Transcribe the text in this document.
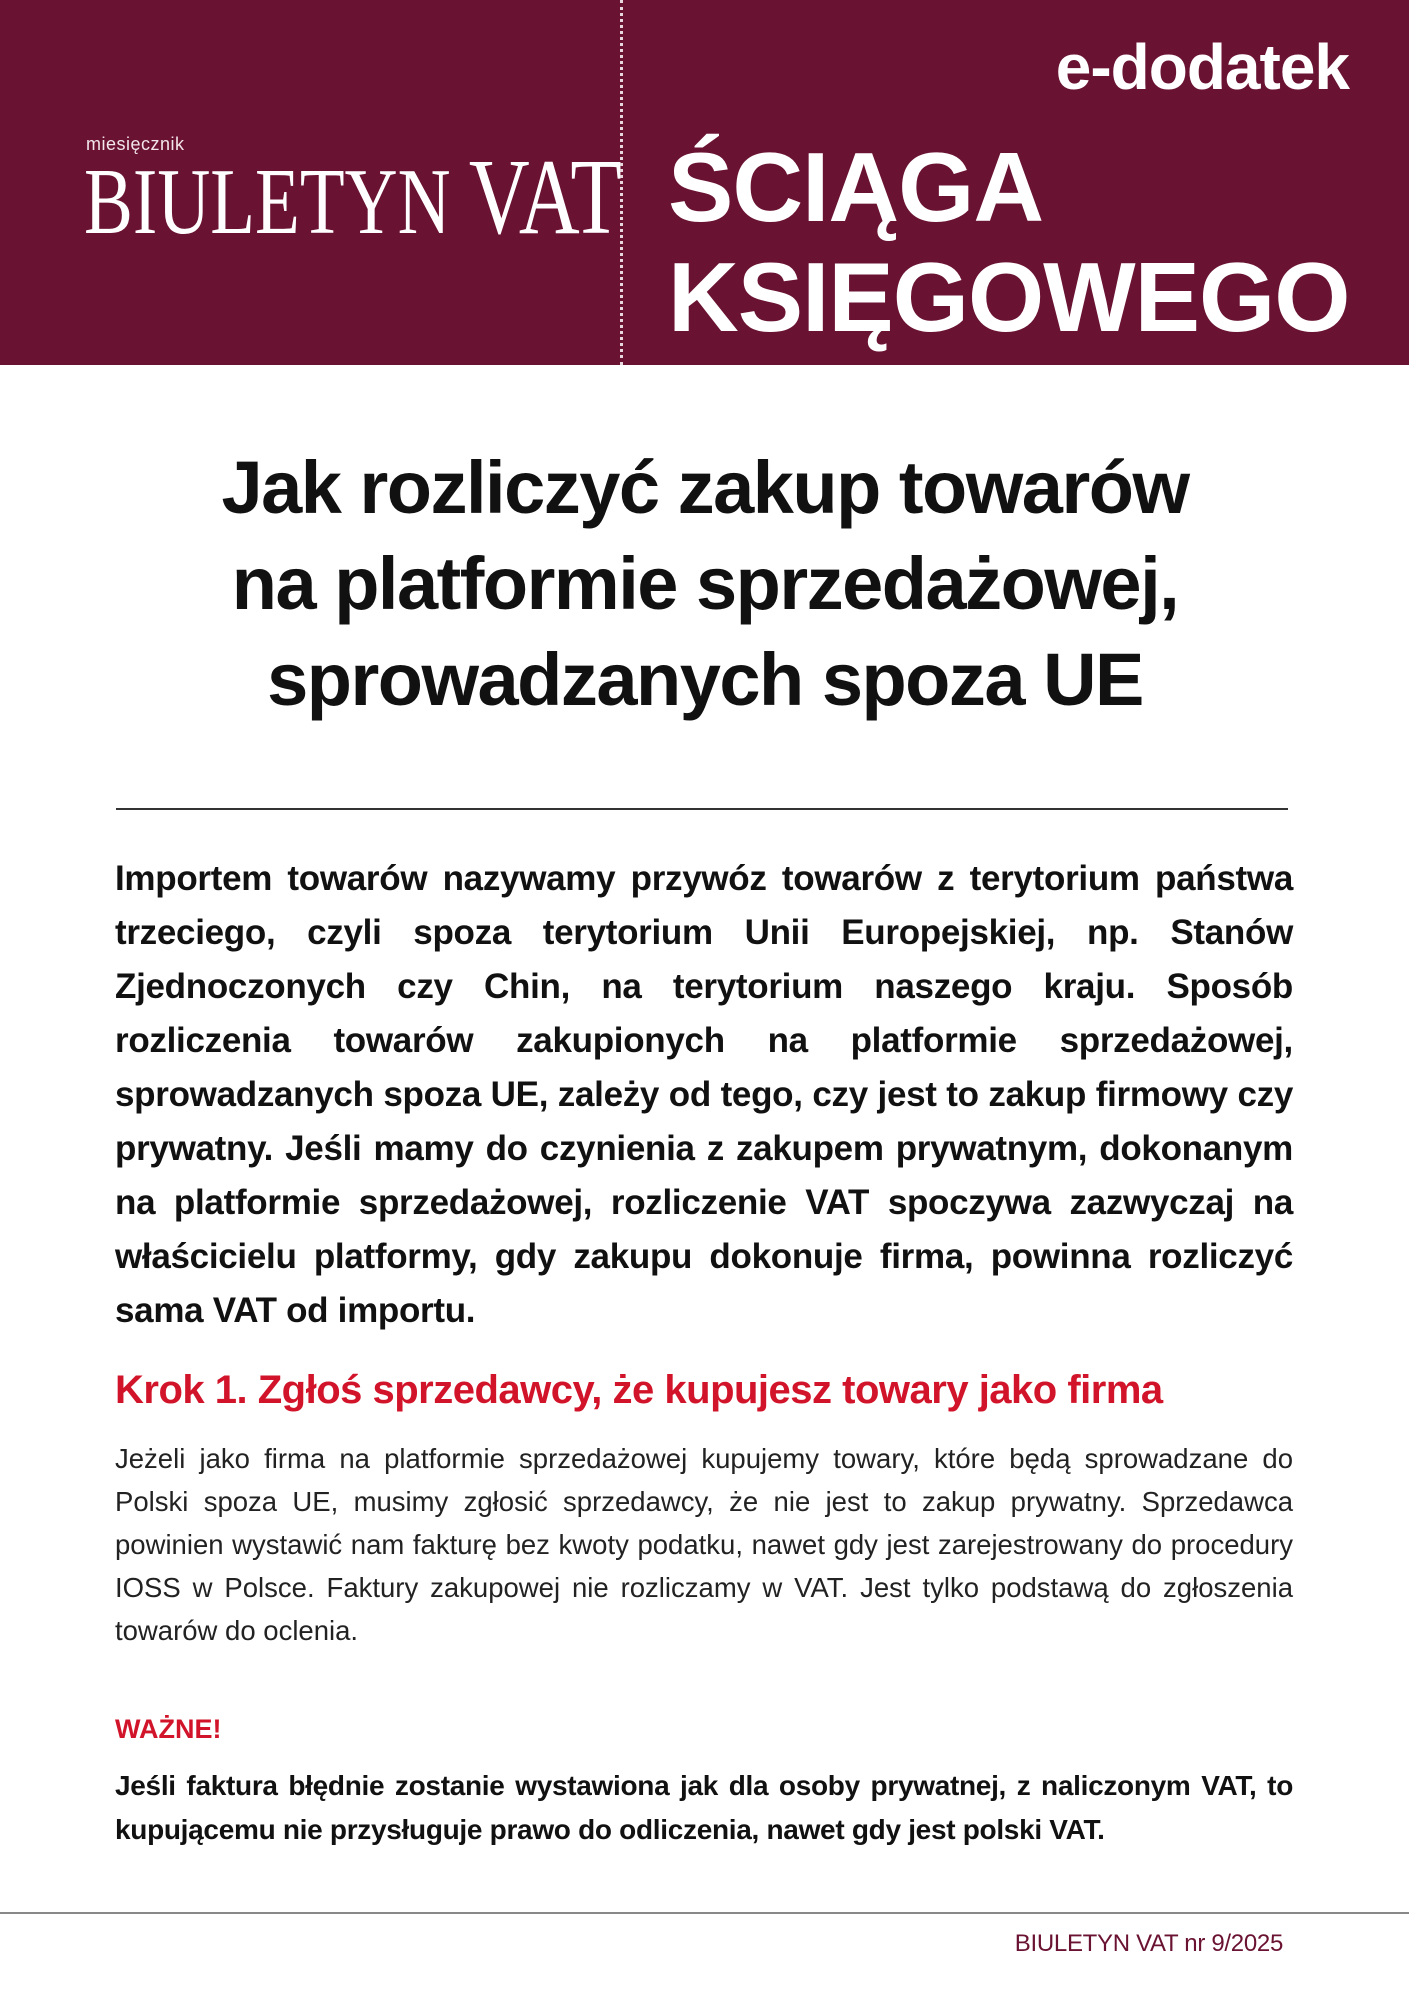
miesięcznik
BIULETYN VAT
e-dodatek
ŚCIĄGA
KSIĘGOWEGO
Jak rozliczyć zakup towarów
na platformie sprzedażowej,
sprowadzanych spoza UE

Importem towarów nazywamy przywóz towarów z terytorium państwa trzeciego, czyli spoza terytorium Unii Europejskiej, np. Stanów Zjednoczonych czy Chin, na terytorium naszego kraju. Sposób rozliczenia towarów zakupionych na platformie sprzedażowej, sprowadzanych spoza UE, zależy od tego, czy jest to zakup firmowy czy prywatny. Jeśli mamy do czynienia z zakupem prywatnym, dokonanym na platformie sprzedażowej, rozliczenie VAT spoczywa zazwyczaj na właścicielu platformy, gdy zakupu dokonuje firma, powinna rozliczyć sama VAT od importu.

Krok 1. Zgłoś sprzedawcy, że kupujesz towary jako firma

Jeżeli jako firma na platformie sprzedażowej kupujemy towary, które będą sprowadzane do Polski spoza UE, musimy zgłosić sprzedawcy, że nie jest to zakup prywatny. Sprzedawca powinien wystawić nam fakturę bez kwoty podatku, nawet gdy jest zarejestrowany do procedury IOSS w Polsce. Faktury zakupowej nie rozliczamy w VAT. Jest tylko podstawą do zgłoszenia towarów do oclenia.

WAŻNE!

Jeśli faktura błędnie zostanie wystawiona jak dla osoby prywatnej, z naliczonym VAT, to kupującemu nie przysługuje prawo do odliczenia, nawet gdy jest polski VAT.

BIULETYN VAT nr 9/2025
